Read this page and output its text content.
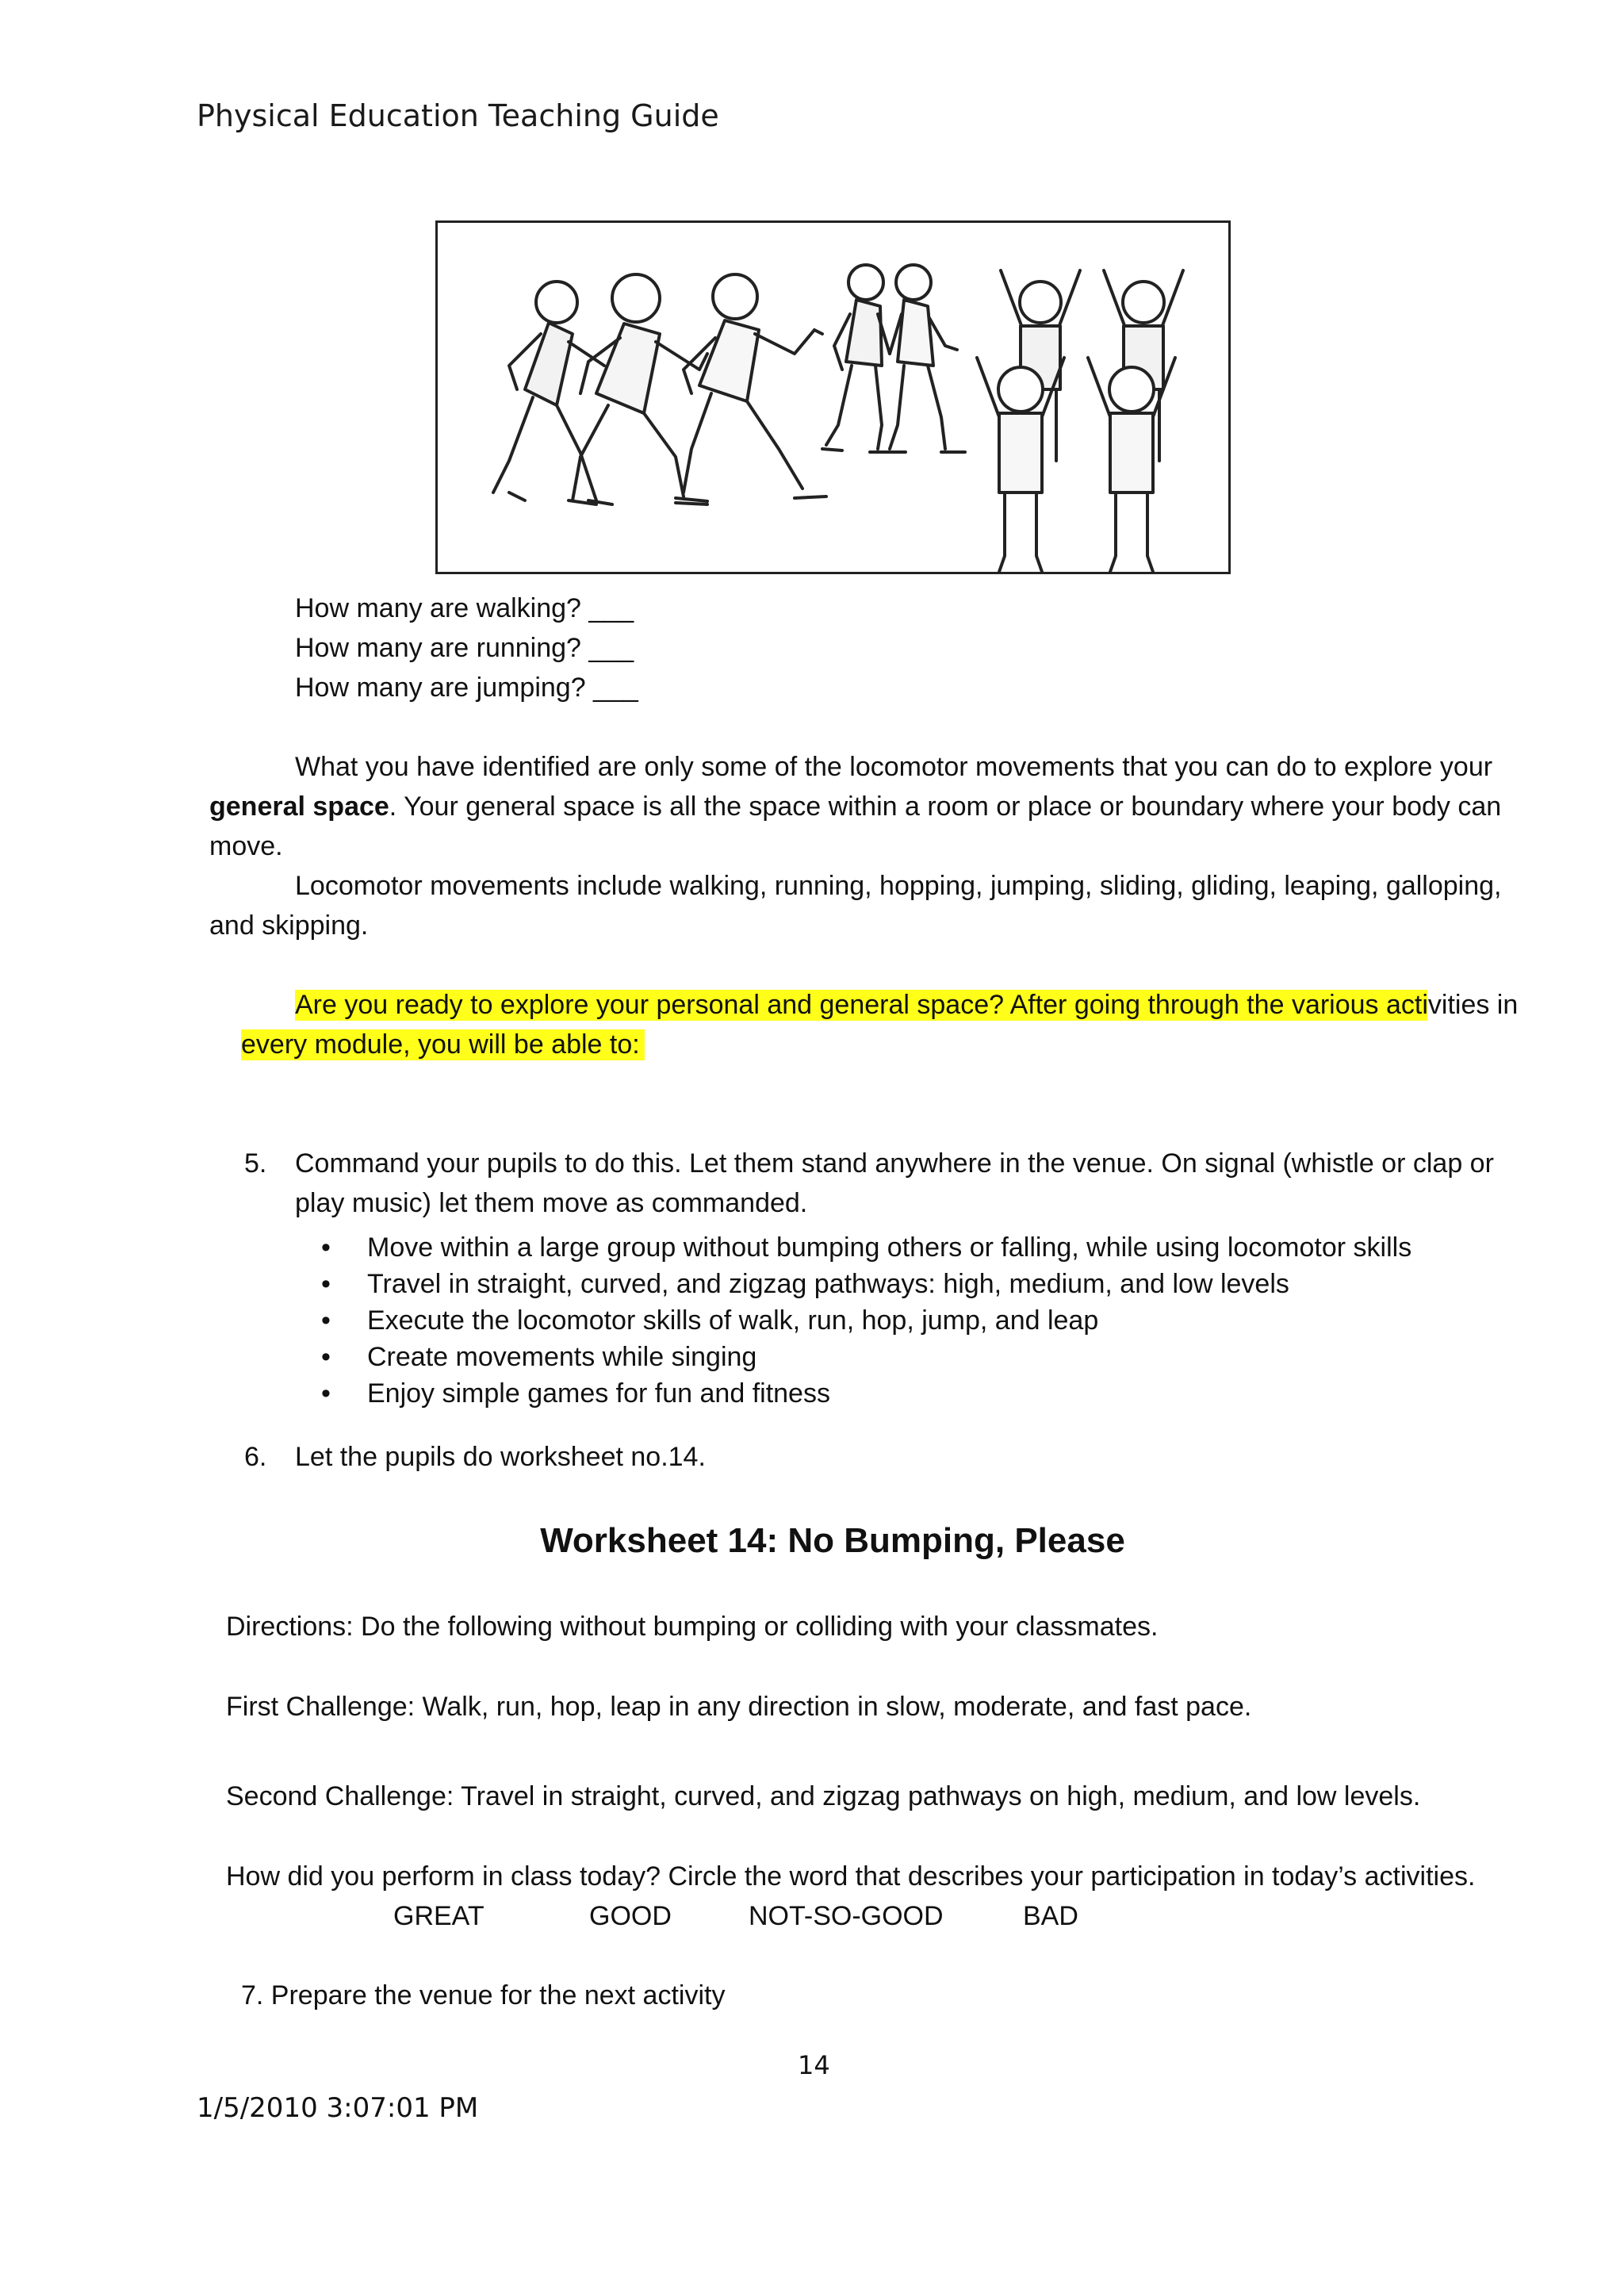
Physical Education Teaching Guide
How many are walking? ___
How many are running? ___
How many are jumping? ___
What you have identified are only some of the locomotor movements that you can do to explore your
general space. Your general space is all the space within a room or place or boundary where your body can
move.
Locomotor movements include walking, running, hopping, jumping, sliding, gliding, leaping, galloping,
and skipping.
Are you ready to explore your personal and general space? After going through the various activities in
every module, you will be able to:
5. Command your pupils to do this. Let them stand anywhere in the venue. On signal (whistle or clap or
play music) let them move as commanded.
• Move within a large group without bumping others or falling, while using locomotor skills
• Travel in straight, curved, and zigzag pathways: high, medium, and low levels
• Execute the locomotor skills of walk, run, hop, jump, and leap
• Create movements while singing
• Enjoy simple games for fun and fitness
6. Let the pupils do worksheet no.14.
Worksheet 14: No Bumping, Please
Directions: Do the following without bumping or colliding with your classmates.
First Challenge: Walk, run, hop, leap in any direction in slow, moderate, and fast pace.
Second Challenge: Travel in straight, curved, and zigzag pathways on high, medium, and low levels.
How did you perform in class today? Circle the word that describes your participation in today’s activities.
GREAT	GOOD	NOT-SO-GOOD	BAD
7. Prepare the venue for the next activity
14
1/5/2010 3:07:01 PM
